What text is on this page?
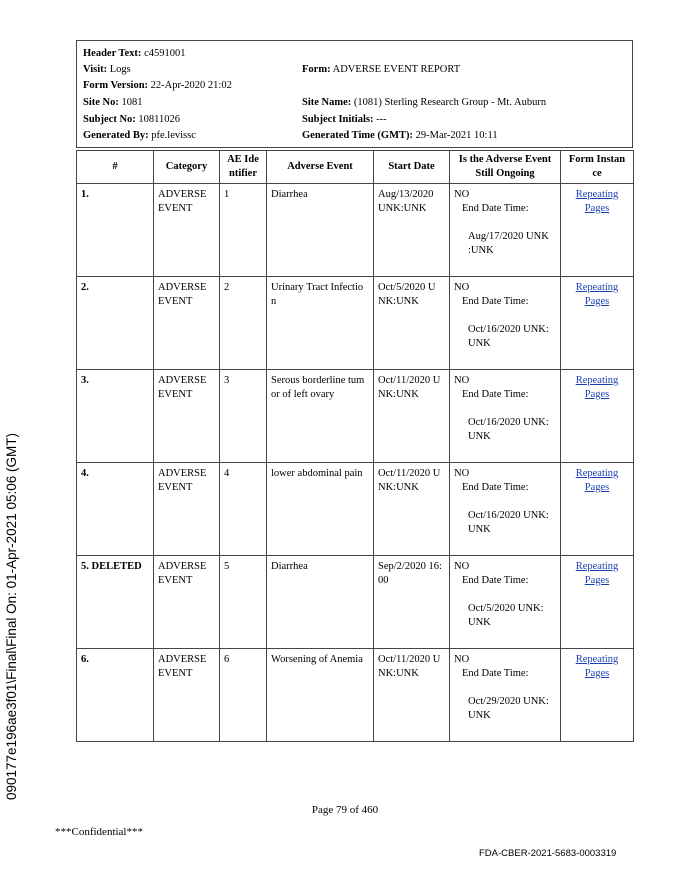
090177e196ae3f01\Final\Final On: 01-Apr-2021 05:06 (GMT)
Header Text: c4591001
Visit: Logs	Form: ADVERSE EVENT REPORT
Form Version: 22-Apr-2020 21:02
Site No: 1081	Site Name: (1081) Sterling Research Group - Mt. Auburn
Subject No: 10811026	Subject Initials: ---
Generated By: pfe.levissc	Generated Time (GMT): 29-Mar-2021 10:11
#	Category	AE Ide ntifier	Adverse Event	Start Date	Is the Adverse Event Still Ongoing	Form Instan ce
1.	ADVERSE EVENT	1	Diarrhea	Aug/13/2020 UNK:UNK	NO
End Date Time:
Aug/17/2020 UNK :UNK	Repeating Pages

2.	ADVERSE EVENT	2	Urinary Tract Infectio n	Oct/5/2020 U NK:UNK	NO
End Date Time:
Oct/16/2020 UNK: UNK	Repeating Pages

3.	ADVERSE EVENT	3	Serous borderline tum or of left ovary	Oct/11/2020 U NK:UNK	NO
End Date Time:
Oct/16/2020 UNK: UNK	Repeating Pages

4.	ADVERSE EVENT	4	lower abdominal pain	Oct/11/2020 U NK:UNK	NO
End Date Time:
Oct/16/2020 UNK: UNK	Repeating Pages

5. DELETED	ADVERSE EVENT	5	Diarrhea	Sep/2/2020 16: 00	NO
End Date Time:
Oct/5/2020 UNK: UNK	Repeating Pages

6.	ADVERSE EVENT	6	Worsening of Anemia	Oct/11/2020 U NK:UNK	NO
End Date Time:
Oct/29/2020 UNK: UNK	Repeating Pages
Page 79 of 460
***Confidential***
FDA-CBER-2021-5683-0003319
